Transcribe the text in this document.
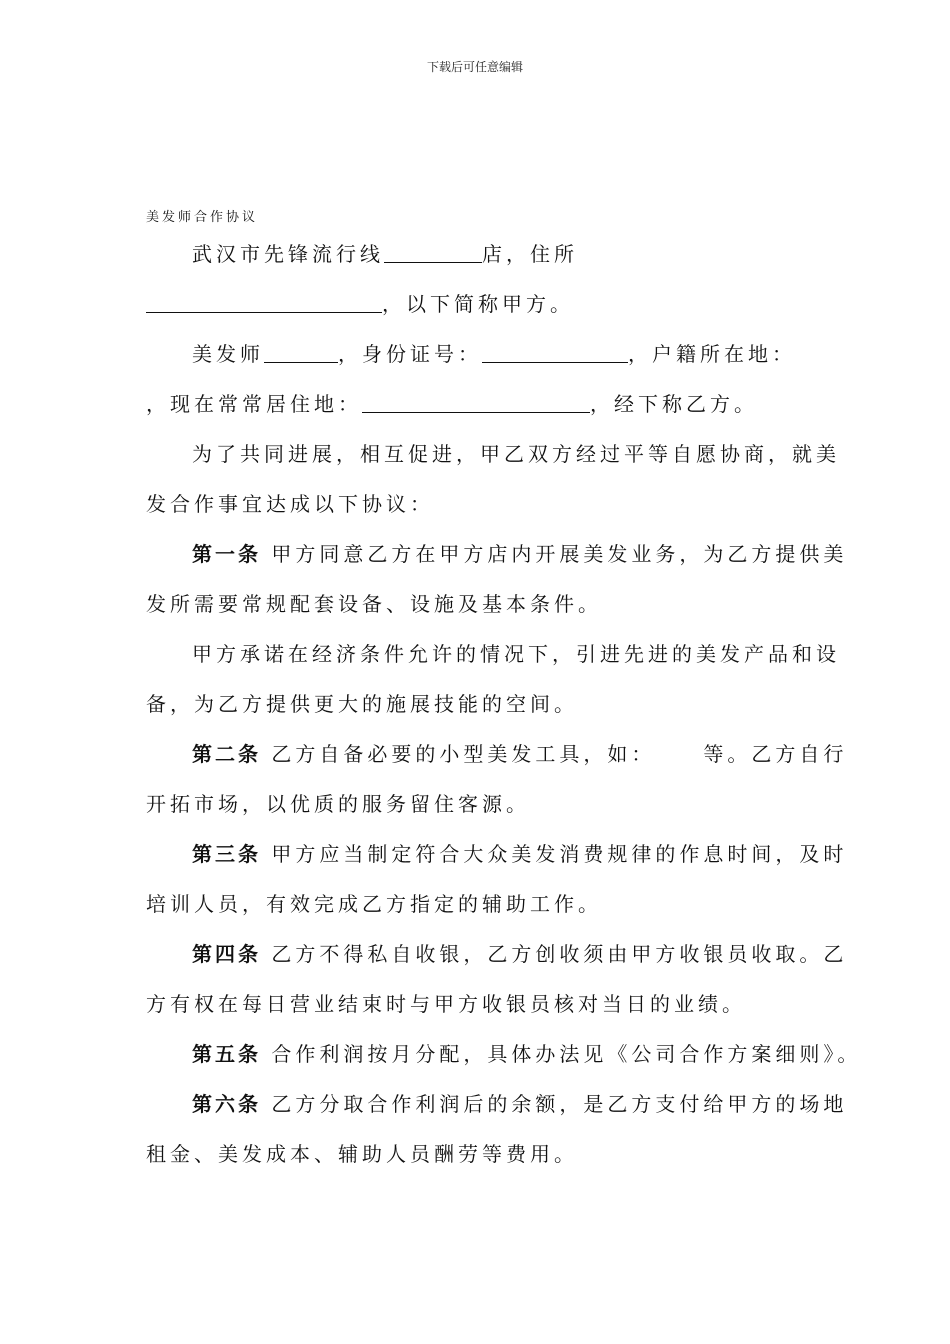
下载后可任意编辑
美发师合作协议
武汉市先锋流行线	店，住所
，以下简称甲方。
美发师	，身份证号：	，户籍所在地：
，现在常常居住地：	，经下称乙方。
为了共同进展，相互促进，甲乙双方经过平等自愿协商，就美
发合作事宜达成以下协议：
第一条 甲方同意乙方在甲方店内开展美发业务，为乙方提供美
发所需要常规配套设备、设施及基本条件。
甲方承诺在经济条件允许的情况下，引进先进的美发产品和设
备，为乙方提供更大的施展技能的空间。
第二条 乙方自备必要的小型美发工具，如： 等。乙方自行
开拓市场，以优质的服务留住客源。
第三条 甲方应当制定符合大众美发消费规律的作息时间，及时
培训人员，有效完成乙方指定的辅助工作。
第四条 乙方不得私自收银，乙方创收须由甲方收银员收取。乙
方有权在每日营业结束时与甲方收银员核对当日的业绩。
第五条 合作利润按月分配，具体办法见《公司合作方案细则》。
第六条 乙方分取合作利润后的余额，是乙方支付给甲方的场地
租金、美发成本、辅助人员酬劳等费用。
